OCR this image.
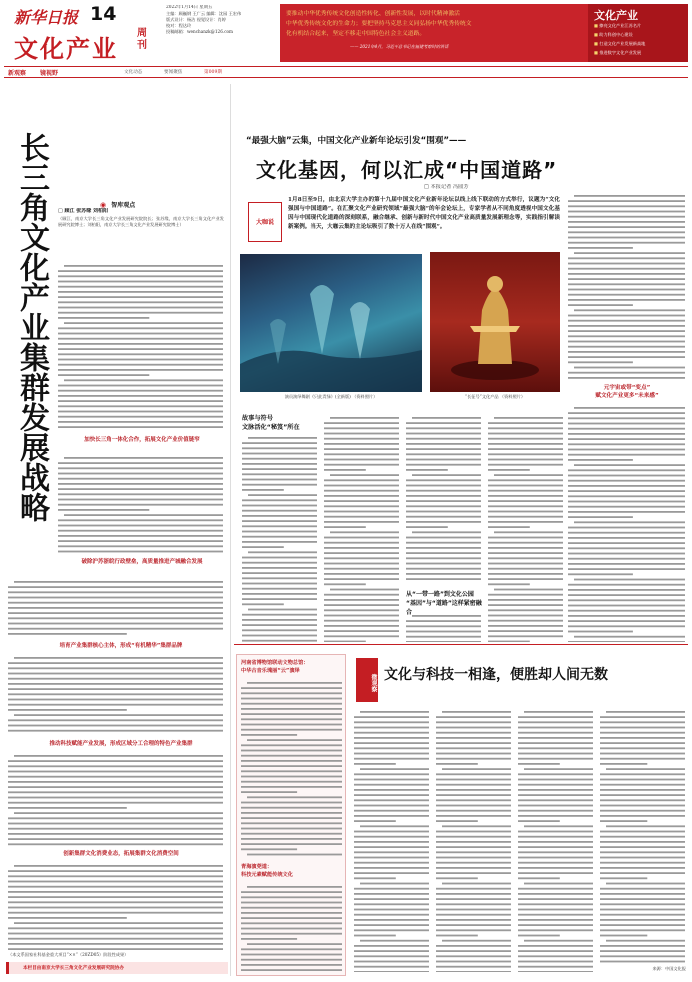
新华日报 14
文化产业
周刊
2022年1月14日 星期五
主编：顾巍钢 王广云 编辑：沈园 王宏伟
版式设计：杨洁 视觉设计：肖婷
校对：程达玲
投稿邮箱：wenchanzk@126.com
要推动中华优秀传统文化创造性转化、创新性发展，以时代精神激活
中华优秀传统文化的生命力；要把坚持马克思主义同弘扬中华优秀传统文
化有机结合起来，坚定不移走中国特色社会主义道路。
—— 2021年4月，习近平总书记在福建考察时的讲话
文化产业
■ 擦亮文化产业江苏名片
■ 助力科创中心建设
■ 打造文化产业发展新高地
■ 推进数字文化产业发展
新观察 镜视野	文化动态	要闻聚焦	第009期
长三角文化产业集群发展战略	◉ 智库观点
□ 顾江 张苏缘 刘柏阳
（顾江，南京大学长三角文化产业发展研究院院长；张苏缘，南京大学长三角文化产业发展研究院博士；刘柏阳，南京大学长三角文化产业发展研究院博士）
加快长三角一体化合作，拓展文化产业价值链窄
破除沪苏浙皖行政壁垒，高质量推进产城融合发展
培育产业集群核心主体，形成“有机精华”集群品牌
推动科技赋能产业发展，形成区域分工合理的特色产业集群
创新集群文化消费业态，拓展集群文化消费空间
（本文系国家社科基金重大项目“××”（20ZD05）阶段性成果）
本栏目由南京大学长三角文化产业发展研究院协办
“最强大脑”云集，中国文化产业新年论坛引发“围观”——
文化基因，何以汇成“中国道路”
□ 本报记者 冯圆芳
大咖说
1月8日至9日，由北京大学主办的第十九届中国文化产业新年论坛以线上线下联动的方式举行，议题为“文化强国与中国道路”。在汇聚文化产业研究领域“最强大脑”的年会论坛上，专家学者从不同角度透视中国文化基因与中国现代化道路的深刻联系，融合继承、创新与新时代中国文化产业高质量发展新理念等，实践指引解读新案例。当天，大咖云集的主论坛吸引了数十万人在线“围观”。
演员演绎舞剧《只此青绿》(全新版) （资料照片）	“长征号”文化产品 （资料照片）
元宇宙或带“变点”
赋文化产业更多“未来感”
故事与符号
文脉活化“秘笈”所在
从“一带一路”到文化公园
“基因”与“道路”这样紧密融合
河南省博物馆联动文物总馆：
中华古音乐瑰丽“云”演绎
青海演莞道：
科技元素赋能传统文化
微观察 文化与科技一相逢，便胜却人间无数
来源：中国文化报
